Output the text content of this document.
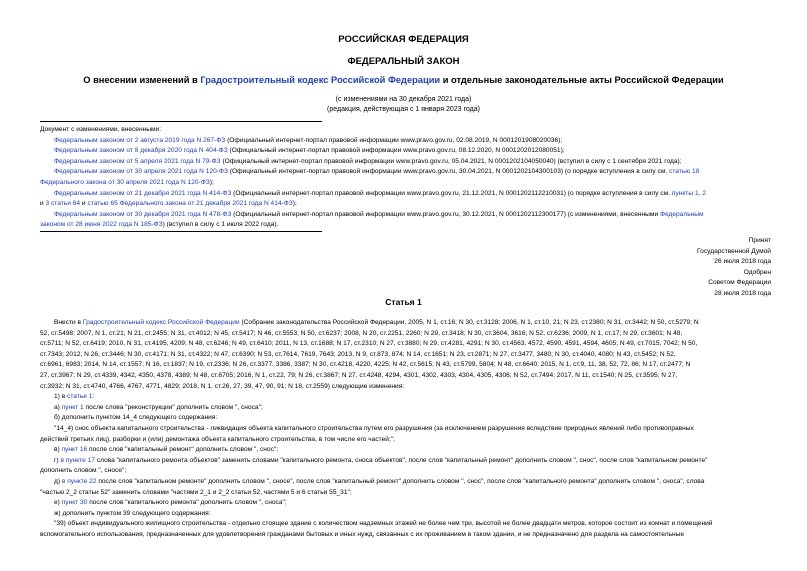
РОССИЙСКАЯ ФЕДЕРАЦИЯ
ФЕДЕРАЛЬНЫЙ ЗАКОН
О внесении изменений в Градостроительный кодекс Российской Федерации и отдельные законодательные акты Российской Федерации
(с изменениями на 30 декабря 2021 года)
(редакция, действующая с 1 января 2023 года)
Документ с изменениями, внесенными:
Федеральным законом от 2 августа 2019 года N 267-ФЗ (Официальный интернет-портал правовой информации www.pravo.gov.ru, 02.08.2019, N 0001201908020036);
Федеральным законом от 8 декабря 2020 года N 404-ФЗ (Официальный интернет-портал правовой информации www.pravo.gov.ru, 08.12.2020, N 0001202012080051);
Федеральным законом от 5 апреля 2021 года N 79-ФЗ (Официальный интернет-портал правовой информации www.pravo.gov.ru, 05.04.2021, N 0001202104050040) (вступил в силу с 1 сентября 2021 года);
Федеральным законом от 30 апреля 2021 года N 120-ФЗ (Официальный интернет-портал правовой информации www.pravo.gov.ru, 30.04.2021, N 0001202104300103) (о порядке вступления в силу см. статью 18
Федерального закона от 30 апреля 2021 года N 120-ФЗ);
Федеральным законом от 21 декабря 2021 года N 414-ФЗ (Официальный интернет-портал правовой информации www.pravo.gov.ru, 21.12.2021, N 0001202112210031) (о порядке вступления в силу см. пункты 1, 2
и 3 статьи 64 и статью 65 Федерального закона от 21 декабря 2021 года N 414-ФЗ);
Федеральным законом от 30 декабря 2021 года N 478-ФЗ (Официальный интернет-портал правовой информации www.pravo.gov.ru, 30.12.2021, N 0001202112300177) (с изменениями, внесенными Федеральным
законом от 28 июня 2022 года N 185-ФЗ) (вступил в силу с 1 июля 2022 года).
Принят
Государственной Думой
26 июля 2018 года
Одобрен
Советом Федерации
28 июля 2018 года
Статья 1
Внести в Градостроительный кодекс Российской Федерации (Собрание законодательства Российской Федерации, 2005, N 1, ст.16; N 30, ст.3128; 2006, N 1, ст.10, 21; N 23, ст.2380; N 31, ст.3442; N 50, ст.5279; N
52, ст.5498; 2007, N 1, ст.21; N 21, ст.2455; N 31, ст.4012; N 45, ст.5417; N 46, ст.5553; N 50, ст.6237; 2008, N 20, ст.2251, 2260; N 29, ст.3418; N 30, ст.3604, 3616; N 52, ст.6236; 2009, N 1, ст.17; N 29, ст.3601; N 48,
ст.5711; N 52, ст.6419; 2010, N 31, ст.4195, 4209; N 48, ст.6246; N 49, ст.6410; 2011, N 13, ст.1688; N 17, ст.2310; N 27, ст.3880; N 29, ст.4281, 4291; N 30, ст.4563, 4572, 4590, 4591, 4594, 4605; N 49, ст.7015, 7042; N 50,
ст.7343; 2012, N 26, ст.3446; N 30, ст.4171; N 31, ст.4322; N 47, ст.6390; N 53, ст.7614, 7619, 7643; 2013, N 9, ст.873, 874; N 14, ст.1651; N 23, ст.2871; N 27, ст.3477, 3480; N 30, ст.4040, 4080; N 43, ст.5452; N 52,
ст.6961, 6983; 2014, N 14, ст.1557; N 16, ст.1837; N 19, ст.2336; N 26, ст.3377, 3386, 3387; N 30, ст.4218, 4220, 4225; N 42, ст.5615; N 43, ст.5799, 5804; N 48, ст.6640; 2015, N 1, ст.9, 11, 38, 52, 72, 86; N 17, ст.2477; N
27, ст.3967; N 29, ст.4339, 4342, 4350, 4378, 4389; N 48, ст.6705; 2016, N 1, ст.22, 79; N 26, ст.3867; N 27, ст.4248, 4294, 4301, 4302, 4303, 4304, 4305, 4306; N 52, ст.7494; 2017, N 11, ст.1540; N 25, ст.3595; N 27,
ст.3932; N 31, ст.4740, 4766, 4767, 4771, 4829; 2018, N 1, ст.26, 27, 39, 47, 90, 91; N 18, ст.2559) следующие изменения:
1) в статье 1:
а) пункт 1 после слова "реконструкции" дополнить словом ", сноса";
б) дополнить пунктом 14_4 следующего содержания:
"14_4) снос объекта капитального строительства - ликвидация объекта капитального строительства путем его разрушения (за исключением разрушения вследствие природных явлений либо противоправных
действий третьих лиц), разборки и (или) демонтажа объекта капитального строительства, в том числе его частей;";
в) пункт 16 после слов "капитальный ремонт" дополнить словом ", снос";
г) в пункте 17 слова "капитального ремонта объектов" заменить словами "капитального ремонта, сноса объектов", после слов "капитальный ремонт" дополнить словом ", снос", после слов "капитальном ремонте"
дополнить словом ", сносе";
д) в пункте 22 после слов "капитальном ремонте" дополнить словом ", сносе", после слов "капитальный ремонт" дополнить словом ", снос", после слов "капитального ремонта" дополнить словом ", сноса", слова
"частью 2_2 статьи 52" заменить словами "частями 2_1 и 2_2 статьи 52, частями 5 и 6 статьи 55_31";
е) пункт 30 после слов "капитального ремонта" дополнить словом ", сноса";
ж) дополнить пунктом 39 следующего содержания:
"39) объект индивидуального жилищного строительства - отдельно стоящее здание с количеством надземных этажей не более чем три, высотой не более двадцати метров, которое состоит из комнат и помещений
вспомогательного использования, предназначенных для удовлетворения гражданами бытовых и иных нужд, связанных с их проживанием в таком здании, и не предназначено для раздела на самостоятельные
